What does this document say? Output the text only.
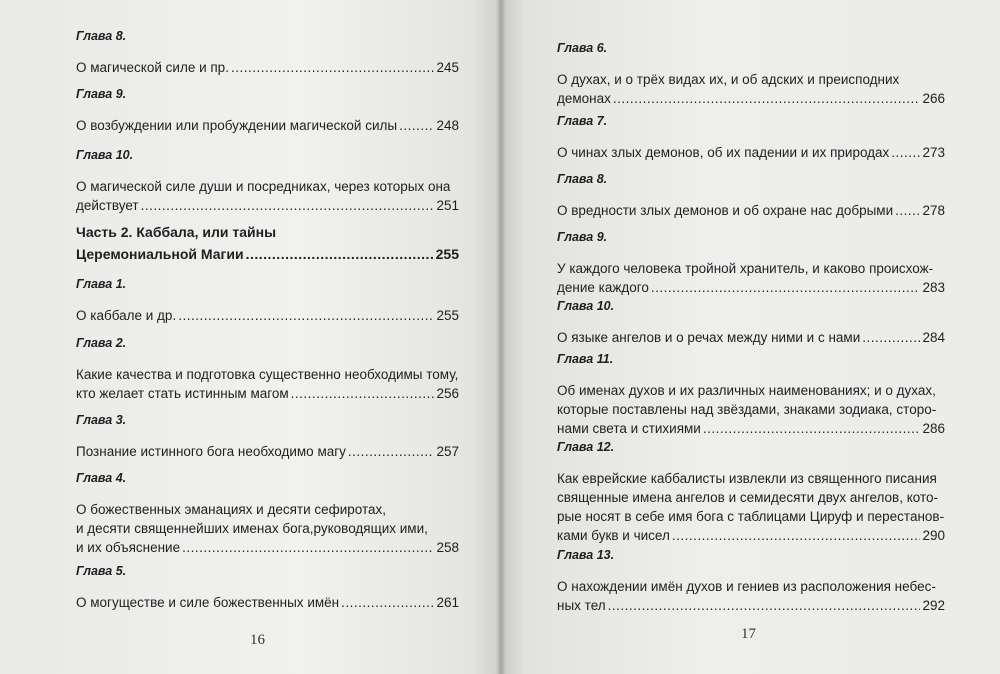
Глава 8.
О магической силе и пр. .....	245
Глава 9.
О возбуждении или пробуждении магической силы .....	248
Глава 10.
О магической силе души и посредниках, через которых она
действует .....	251
Часть 2. Каббала, или тайны
Церемониальной Магии .....	255
Глава 1.
О каббале и др. .....	255
Глава 2.
Какие качества и подготовка существенно необходимы тому,
кто желает стать истинным магом .....	256
Глава 3.
Познание истинного бога необходимо магу .....	257
Глава 4.
О божественных эманациях и десяти сефиротах,
и десяти священнейших именах бога,руководящих ими,
и их объяснение .....	258
Глава 5.
О могуществе и силе божественных имён .....	261
Глава 6.
О духах, и о трёх видах их, и об адских и преисподних
демонах .....	266
Глава 7.
О чинах злых демонов, об их падении и их природах ..... 273
Глава 8.
О вредности злых демонов и об охране нас добрыми ..... 278
Глава 9.
У каждого человека тройной хранитель, и каково происхож-
дение каждого .....	283
Глава 10.
О языке ангелов и о речах между ними и с нами .....	284
Глава 11.
Об именах духов и их различных наименованиях; и о духах,
которые поставлены над звёздами, знаками зодиака, сторо-
нами света и стихиями .....	286
Глава 12.
Как еврейские каббалисты извлекли из священного писания
священные имена ангелов и семидесяти двух ангелов, кото-
рые носят в себе имя бога с таблицами Цируф и перестанов-
ками букв и чисел .....	290
Глава 13.
О нахождении имён духов и гениев из расположения небес-
ных тел .....	292
16	17
